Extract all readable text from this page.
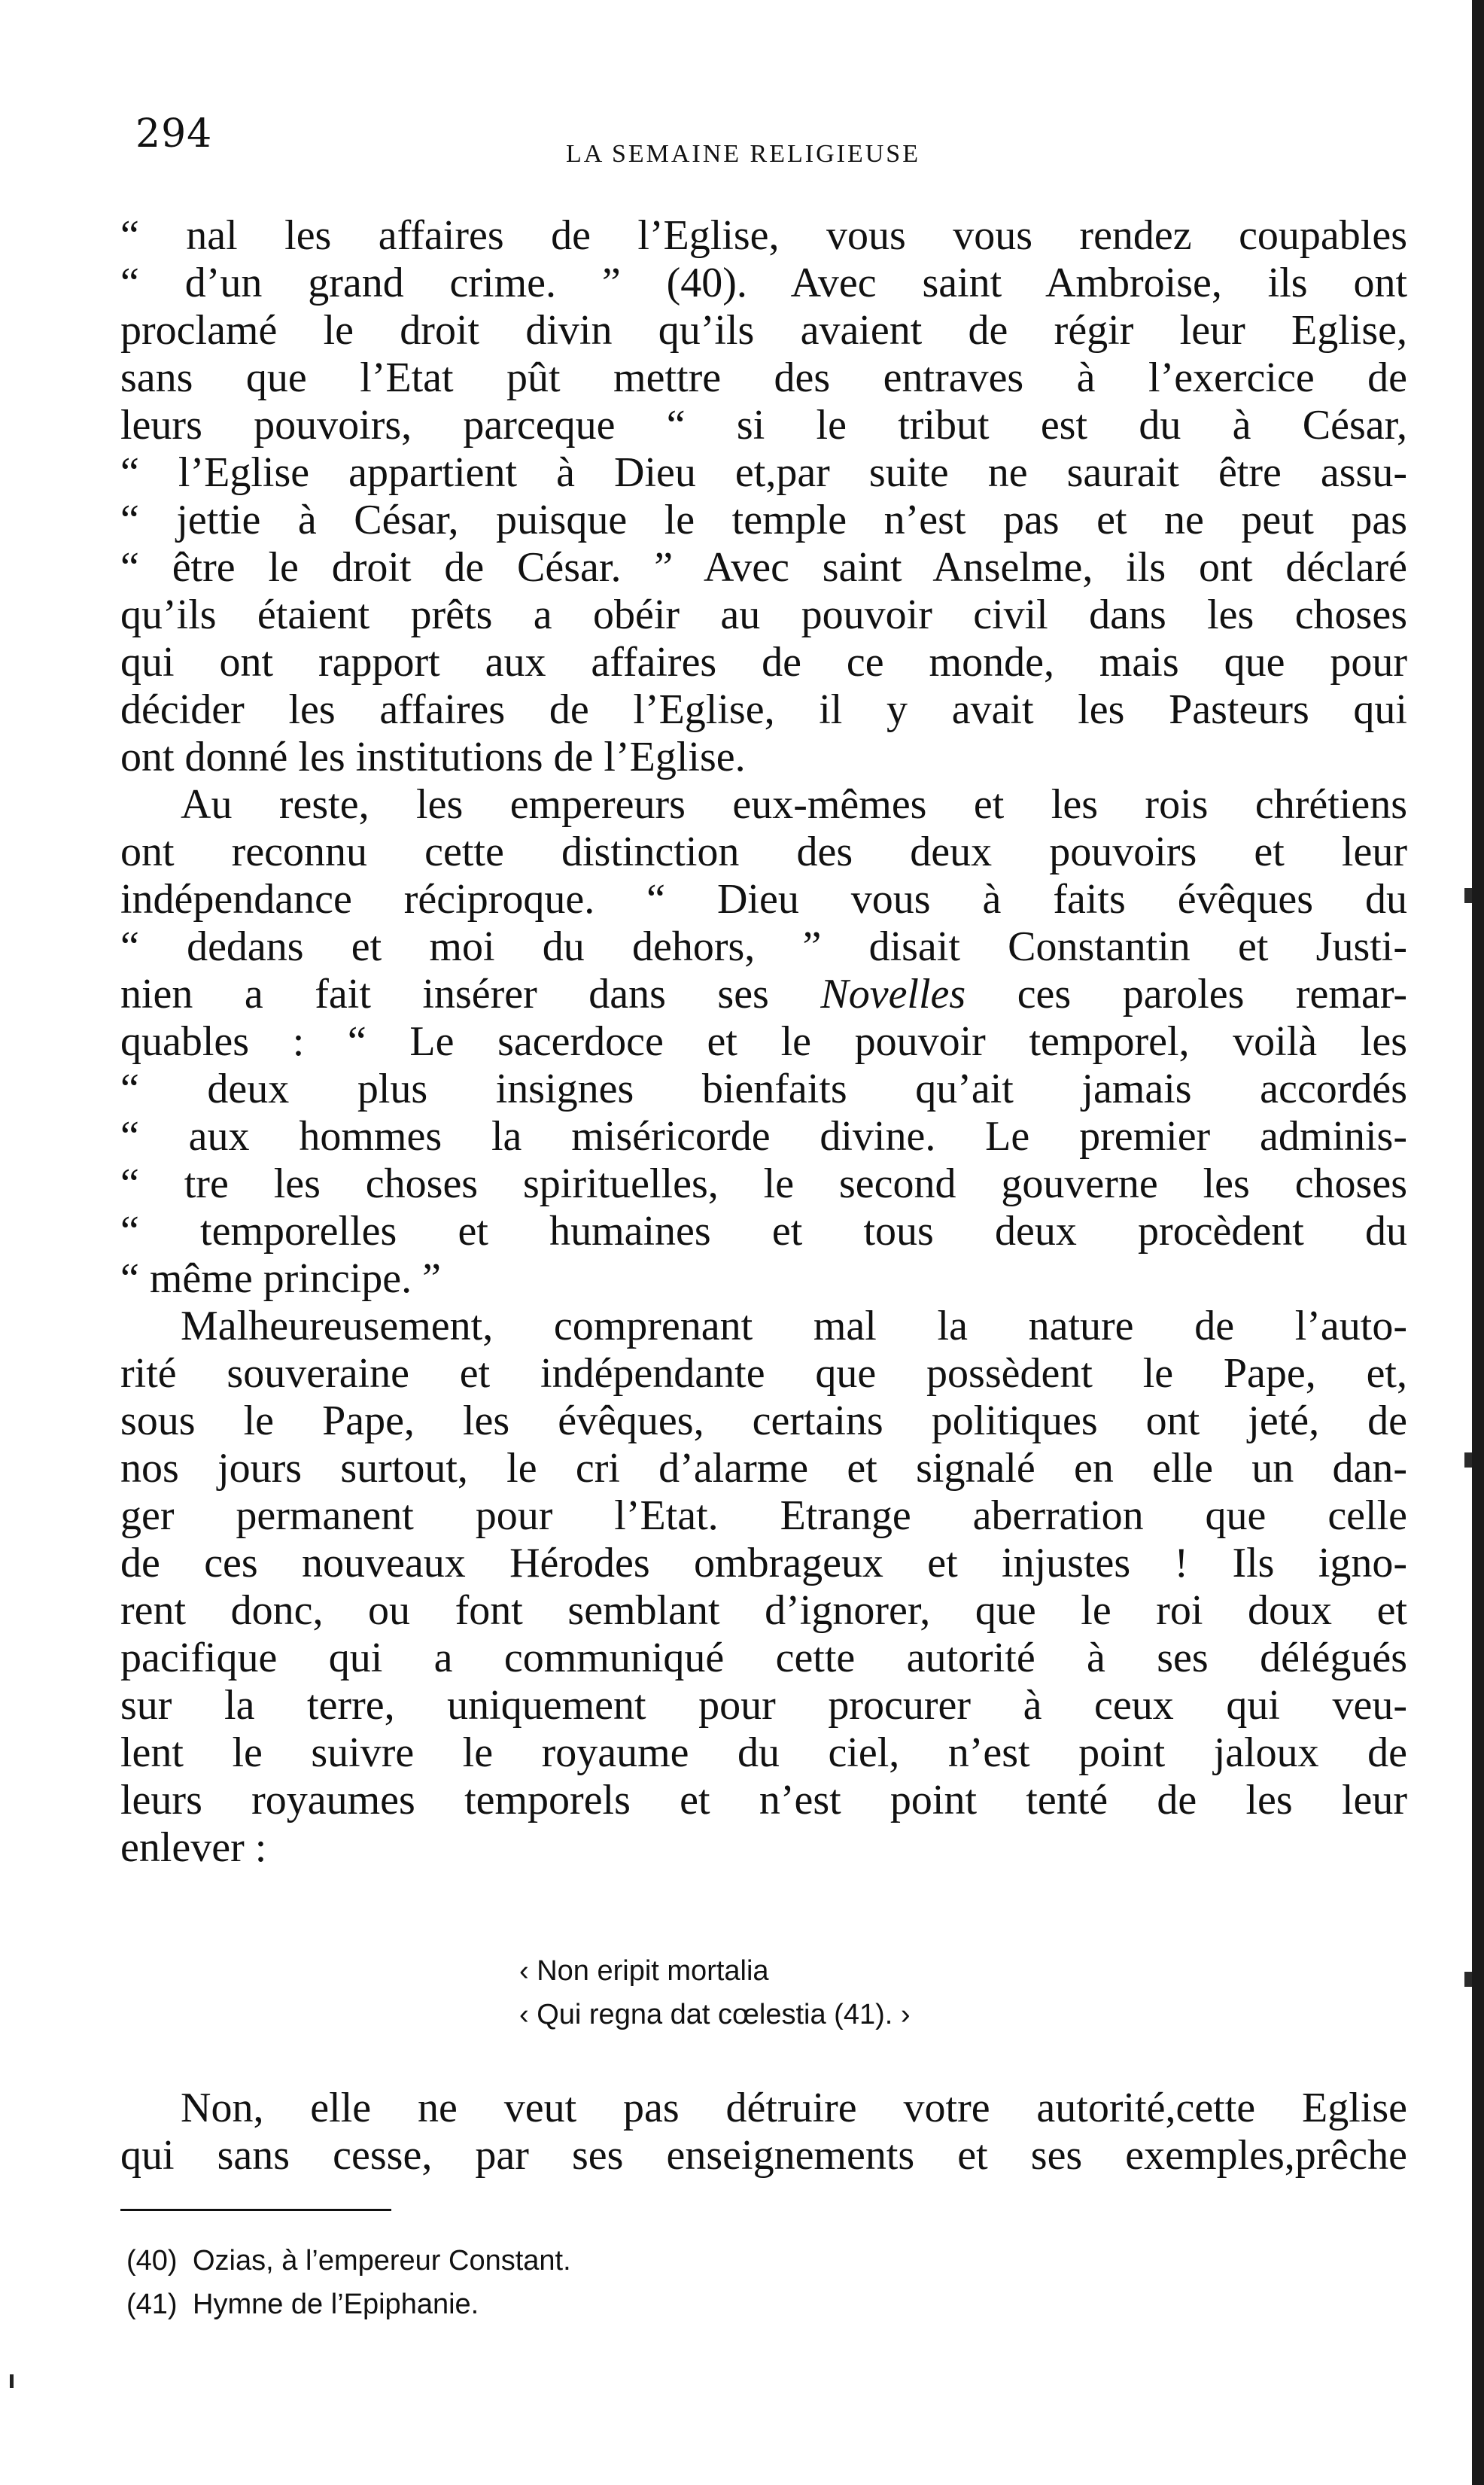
294	LA SEMAINE RELIGIEUSE
“ nal les affaires de l’Eglise, vous vous rendez coupables
“ d’un grand crime. ” (40). Avec saint Ambroise, ils ont
proclamé le droit divin qu’ils avaient de régir leur Eglise,
sans que l’Etat pût mettre des entraves à l’exercice de
leurs pouvoirs, parceque “ si le tribut est du à César,
“ l’Eglise appartient à Dieu et,par suite ne saurait être assu-
“ jettie à César, puisque le temple n’est pas et ne peut pas
“ être le droit de César. ” Avec saint Anselme, ils ont déclaré
qu’ils étaient prêts a obéir au pouvoir civil dans les choses
qui ont rapport aux affaires de ce monde, mais que pour
décider les affaires de l’Eglise, il y avait les Pasteurs qui
ont donné les institutions de l’Eglise.
Au reste, les empereurs eux-mêmes et les rois chrétiens
ont reconnu cette distinction des deux pouvoirs et leur
indépendance réciproque. “ Dieu vous à faits évêques du
“ dedans et moi du dehors, ” disait Constantin et Justi-
nien a fait insérer dans ses Novelles ces paroles remar-
quables : “ Le sacerdoce et le pouvoir temporel, voilà les
“ deux plus insignes bienfaits qu’ait jamais accordés
“ aux hommes la miséricorde divine. Le premier adminis-
“ tre les choses spirituelles, le second gouverne les choses
“ temporelles et humaines et tous deux procèdent du
“ même principe. ”
Malheureusement, comprenant mal la nature de l’auto-
rité souveraine et indépendante que possèdent le Pape, et,
sous le Pape, les évêques, certains politiques ont jeté, de
nos jours surtout, le cri d’alarme et signalé en elle un dan-
ger permanent pour l’Etat. Etrange aberration que celle
de ces nouveaux Hérodes ombrageux et injustes ! Ils igno-
rent donc, ou font semblant d’ignorer, que le roi doux et
pacifique qui a communiqué cette autorité à ses délégués
sur la terre, uniquement pour procurer à ceux qui veu-
lent le suivre le royaume du ciel, n’est point jaloux de
leurs royaumes temporels et n’est point tenté de les leur
enlever :
‹ Non eripit mortalia
‹ Qui regna dat cœlestia (41). ›
Non, elle ne veut pas détruire votre autorité,cette Eglise
qui sans cesse, par ses enseignements et ses exemples,prêche
(40) Ozias, à l’empereur Constant.
(41) Hymne de l’Epiphanie.
